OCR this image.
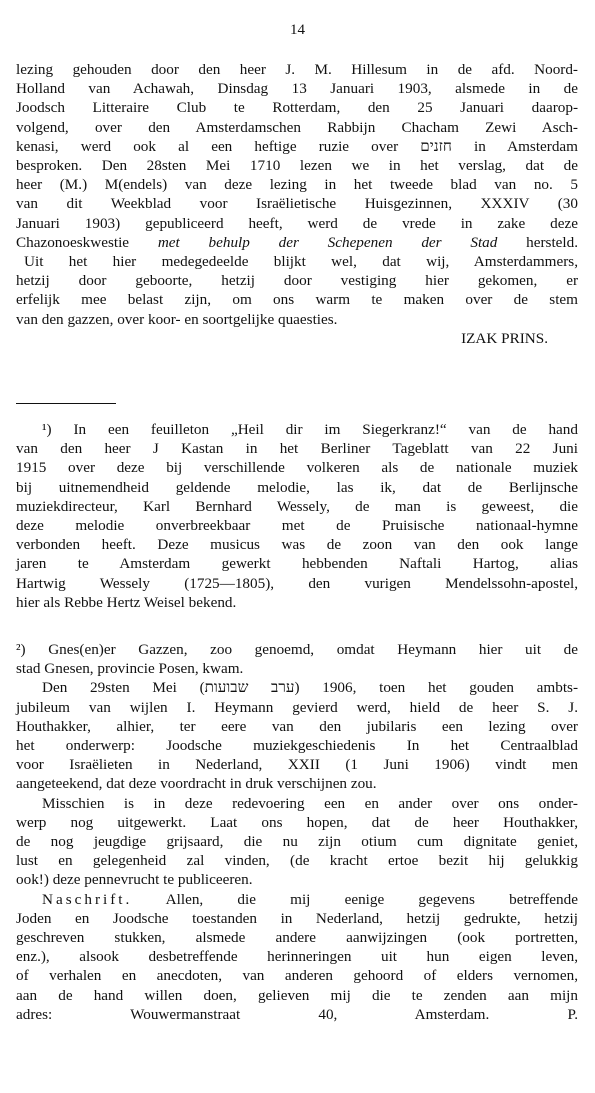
14
lezing gehouden door den heer J. M. Hillesum in de afd. Noord-
Holland van Achawah, Dinsdag 13 Januari 1903, alsmede in de
Joodsch Litteraire Club te Rotterdam, den 25 Januari daarop-
volgend, over den Amsterdamschen Rabbijn Chacham Zewi Asch-
kenasi, werd ook al een heftige ruzie over חזנים in Amsterdam
besproken. Den 28sten Mei 1710 lezen we in het verslag, dat de
heer (M.) M(endels) van deze lezing in het tweede blad van no. 5
van dit Weekblad voor Israëlietische Huisgezinnen, XXXIV (30
Januari 1903) gepubliceerd heeft, werd de vrede in zake deze
Chazonoeskwestie met behulp der Schepenen der Stad hersteld.
Uit het hier medegedeelde blijkt wel, dat wij, Amsterdammers,
hetzij door geboorte, hetzij door vestiging hier gekomen, er
erfelijk mee belast zijn, om ons warm te maken over de stem
van den gazzen, over koor- en soortgelijke quaesties.
IZAK PRINS.
¹) In een feuilleton „Heil dir im Siegerkranz!“ van de hand
van den heer J Kastan in het Berliner Tageblatt van 22 Juni
1915 over deze bij verschillende volkeren als de nationale muziek
bij uitnemendheid geldende melodie, las ik, dat de Berlijnsche
muziekdirecteur, Karl Bernhard Wessely, de man is geweest, die
deze melodie onverbreekbaar met de Pruisische nationaal-hymne
verbonden heeft. Deze musicus was de zoon van den ook lange
jaren te Amsterdam gewerkt hebbenden Naftali Hartog, alias
Hartwig Wessely (1725—1805), den vurigen Mendelssohn-apostel,
hier als Rebbe Hertz Weisel bekend.
²) Gnes(en)er Gazzen, zoo genoemd, omdat Heymann hier uit de
stad Gnesen, provincie Posen, kwam.
Den 29sten Mei (ערב שבועות) 1906, toen het gouden ambts-
jubileum van wijlen I. Heymann gevierd werd, hield de heer S. J.
Houthakker, alhier, ter eere van den jubilaris een lezing over
het onderwerp: Joodsche muziekgeschiedenis In het Centraalblad
voor Israëlieten in Nederland, XXII (1 Juni 1906) vindt men
aangeteekend, dat deze voordracht in druk verschijnen zou.
Misschien is in deze redevoering een en ander over ons onder-
werp nog uitgewerkt. Laat ons hopen, dat de heer Houthakker,
de nog jeugdige grijsaard, die nu zijn otium cum dignitate geniet,
lust en gelegenheid zal vinden, (de kracht ertoe bezit hij gelukkig
ook!) deze pennevrucht te publiceeren.
Naschrift. Allen, die mij eenige gegevens betreffende
Joden en Joodsche toestanden in Nederland, hetzij gedrukte, hetzij
geschreven stukken, alsmede andere aanwijzingen (ook portretten,
enz.), alsook desbetreffende herinneringen uit hun eigen leven,
of verhalen en anecdoten, van anderen gehoord of elders vernomen,
aan de hand willen doen, gelieven mij die te zenden aan mijn
adres: Wouwermanstraat 40, Amsterdam.	P.
